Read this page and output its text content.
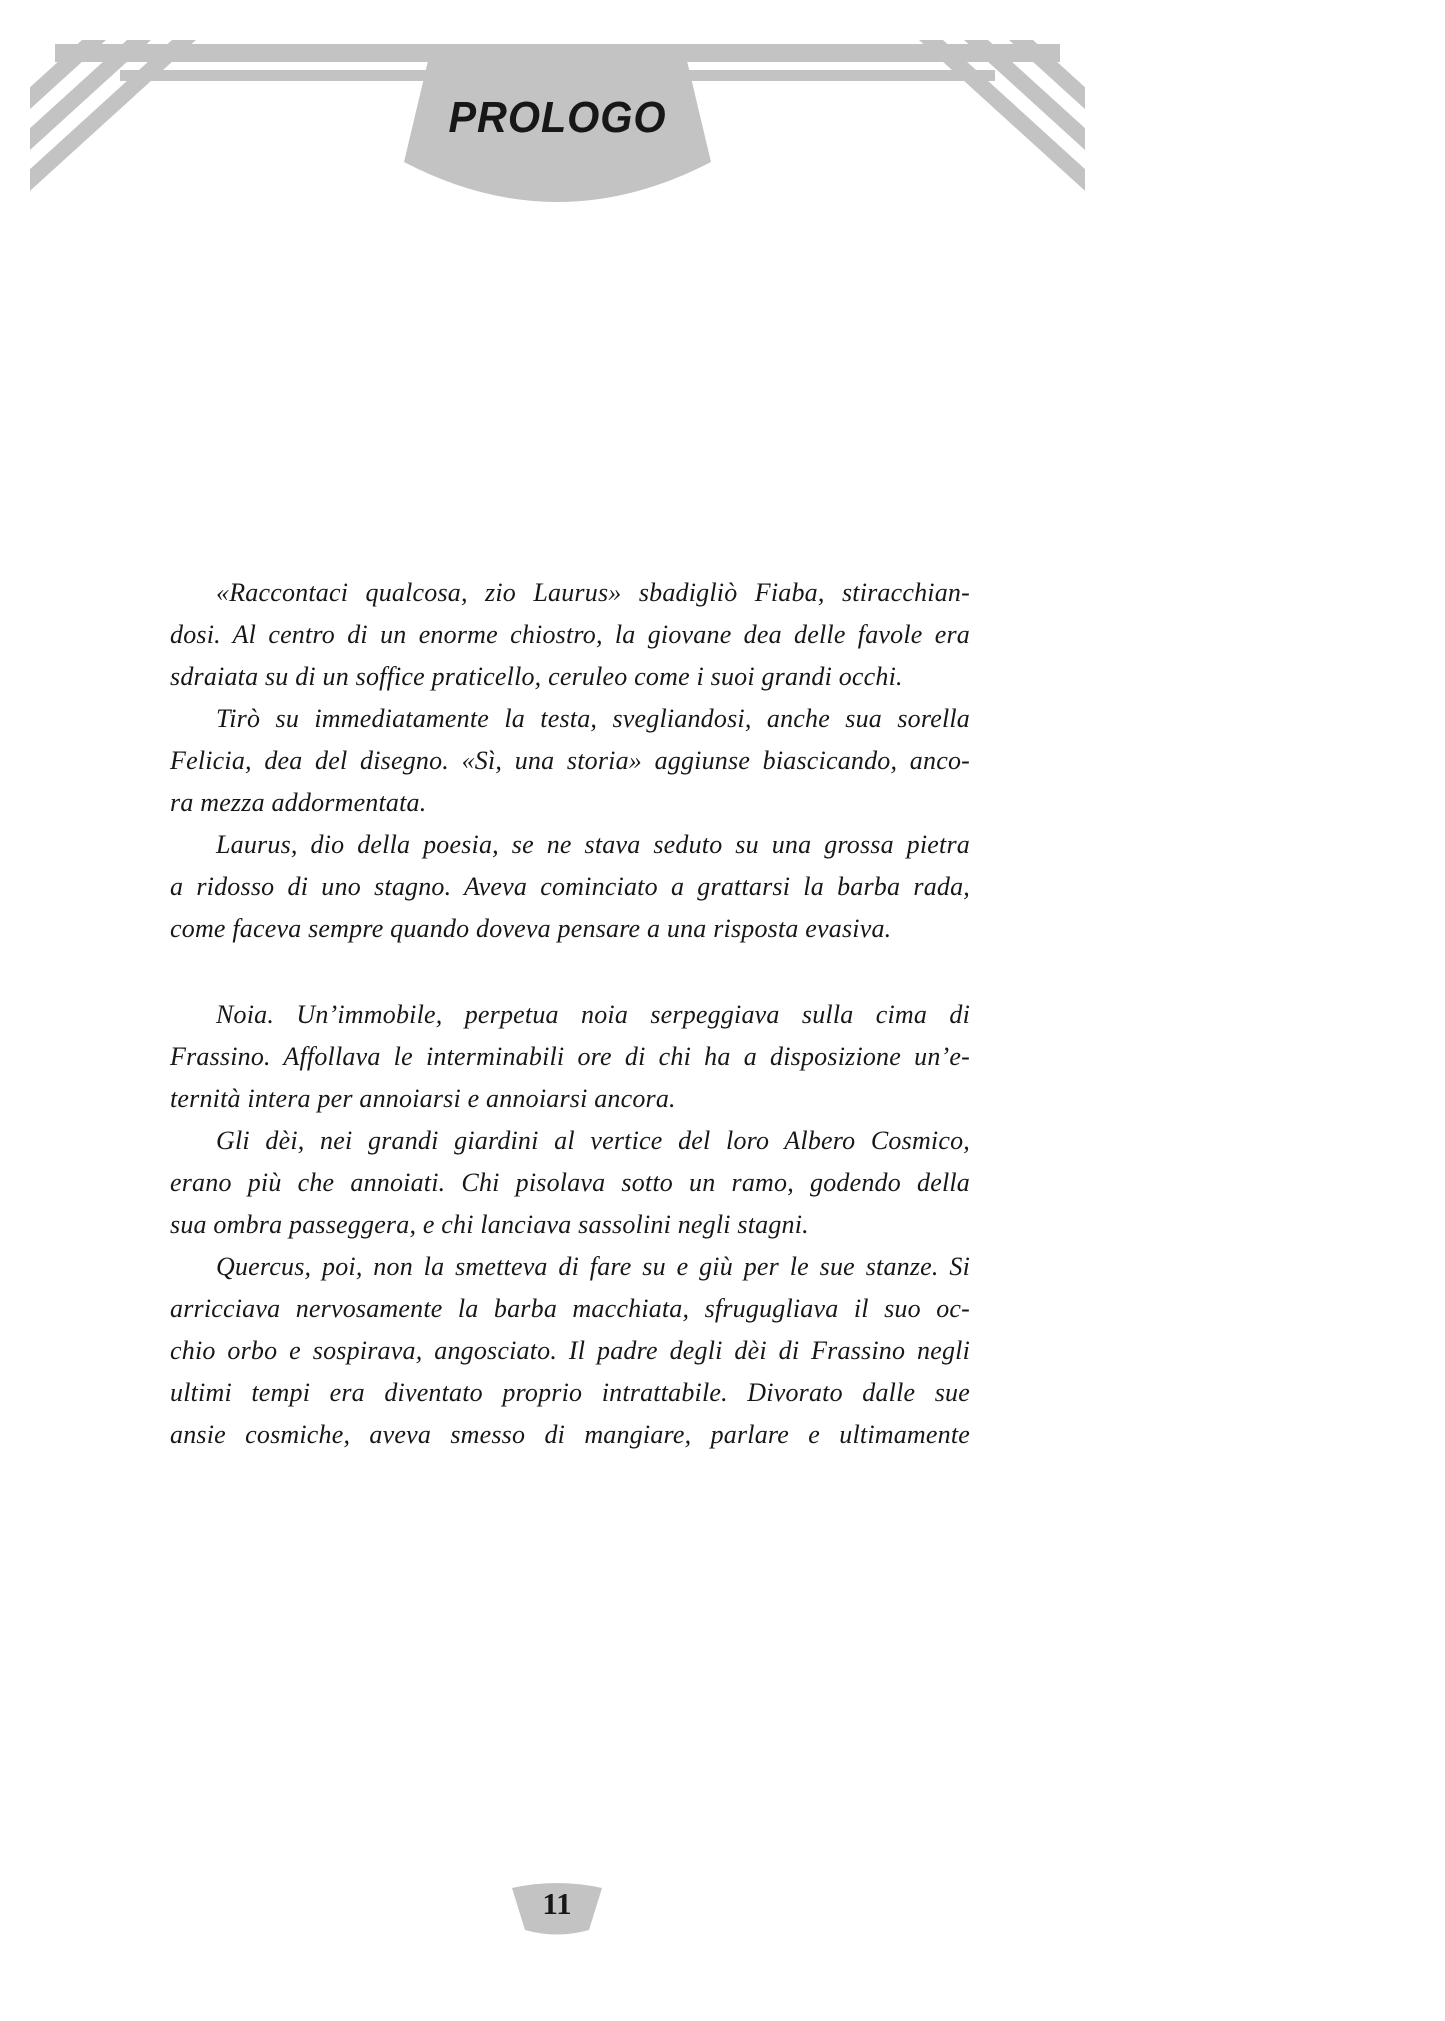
PROLOGO
«Raccontaci qualcosa, zio Laurus» sbadigliò Fiaba, stiracchian-
dosi. Al centro di un enorme chiostro, la giovane dea delle favole era
sdraiata su di un soffice praticello, ceruleo come i suoi grandi occhi.
Tirò su immediatamente la testa, svegliandosi, anche sua sorella
Felicia, dea del disegno. «Sì, una storia» aggiunse biascicando, anco-
ra mezza addormentata.
Laurus, dio della poesia, se ne stava seduto su una grossa pietra
a ridosso di uno stagno. Aveva cominciato a grattarsi la barba rada,
come faceva sempre quando doveva pensare a una risposta evasiva.
Noia. Un’immobile, perpetua noia serpeggiava sulla cima di
Frassino. Affollava le interminabili ore di chi ha a disposizione un’e-
ternità intera per annoiarsi e annoiarsi ancora.
Gli dèi, nei grandi giardini al vertice del loro Albero Cosmico,
erano più che annoiati. Chi pisolava sotto un ramo, godendo della
sua ombra passeggera, e chi lanciava sassolini negli stagni.
Quercus, poi, non la smetteva di fare su e giù per le sue stanze. Si
arricciava nervosamente la barba macchiata, sfrugugliava il suo oc-
chio orbo e sospirava, angosciato. Il padre degli dèi di Frassino negli
ultimi tempi era diventato proprio intrattabile. Divorato dalle sue
ansie cosmiche, aveva smesso di mangiare, parlare e ultimamente
11
